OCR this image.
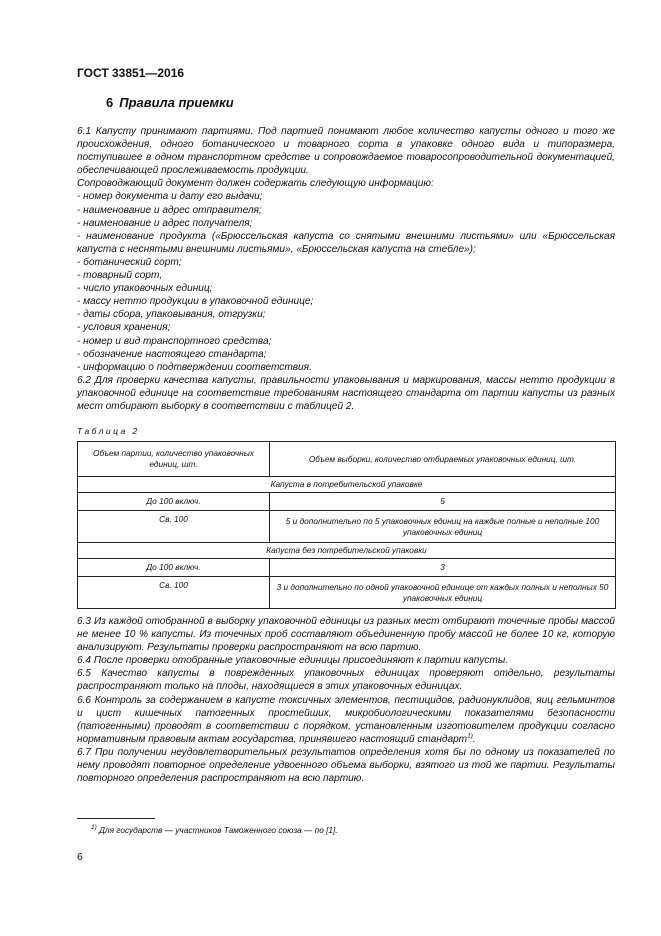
ГОСТ 33851—2016
6 Правила приемки

6.1 Капусту принимают партиями. Под партией понимают любое количество капусты одного и того же происхождения, одного ботанического и товарного сорта в упаковке одного вида и типоразмера, поступившее в одном транспортном средстве и сопровождаемое товаросопроводительной документацией, обеспечивающей прослеживаемость продукции.

Сопроводжающий документ должен содержать следующую информацию:

- номер документа и дату его выдачи;

- наименование и адрес отправителя;

- наименование и адрес получателя;

- наименование продукта («Брюссельская капуста со снятыми внешними листьями» или «Брюссельская капуста с неснятыми внешними листьями», «Брюссельская капуста на стебле»);

- ботанический сорт;

- товарный сорт,

- число упаковочных единиц;

- массу нетто продукции в упаковочной единице;

- даты сбора, упаковывания, отгрузки;

- условия хранения;

- номер и вид транспортного средства;

- обозначение настоящего стандарта;

- информацию о подтверждении соответствия.

6.2 Для проверки качества капусты, правильности упаковывания и маркирования, массы нетто продукции в упаковочной единице на соответствие требованиям настоящего стандарта от партии капусты из разных мест отбирают выборку в соответствии с таблицей 2.

Таблица 2
Объем партии, количество упаковочных единиц, шт.	Объем выборки, количество отбираемых упаковочных единиц, шт.
Капуста в потребительской упаковке	
До 100 включ.	5
Св. 100	5 и дополнительно по 5 упаковочных единиц на каждые полные и неполные 100 упаковочных единиц
Капуста без потребительской упаковки	
До 100 включ.	3
Св. 100	3 и дополнительно по одной упаковочной единице от каждых полных и неполных 50 упаковочных единиц

6.3 Из каждой отобранной в выборку упаковочной единицы из разных мест отбирают точечные пробы массой не менее 10 % капусты. Из точечных проб составляют объединенную пробу массой не более 10 кг, которую анализируют. Результаты проверки распространяют на всю партию.

6.4 После проверки отобранные упаковочные единицы присоединяют к партии капусты.

6.5 Качество капусты в поврежденных упаковочных единицах проверяют отдельно, результаты распространяют только на плоды, находящиеся в этих упаковочных единицах.

6.6 Контроль за содержанием в капусте токсичных элементов, пестицидов, радионуклидов, яиц гельминтов и цист кишечных патогенных простейших, микробиологическими показателями безопасности (патогенными) проводят в соответствии с порядком, установленным изготовителем продукции согласно нормативным правовым актам государства, принявшего настоящий стандарт$^{1)}$.

6.7 При получении неудовлетворительных результатов определения хотя бы по одному из показателей по нему проводят повторное определение удвоенного объема выборки, взятого из той же партии. Результаты повторного определения распространяют на всю партию.

$^{1)}$ Для государств — участников Таможенного союза — по [1].
6
